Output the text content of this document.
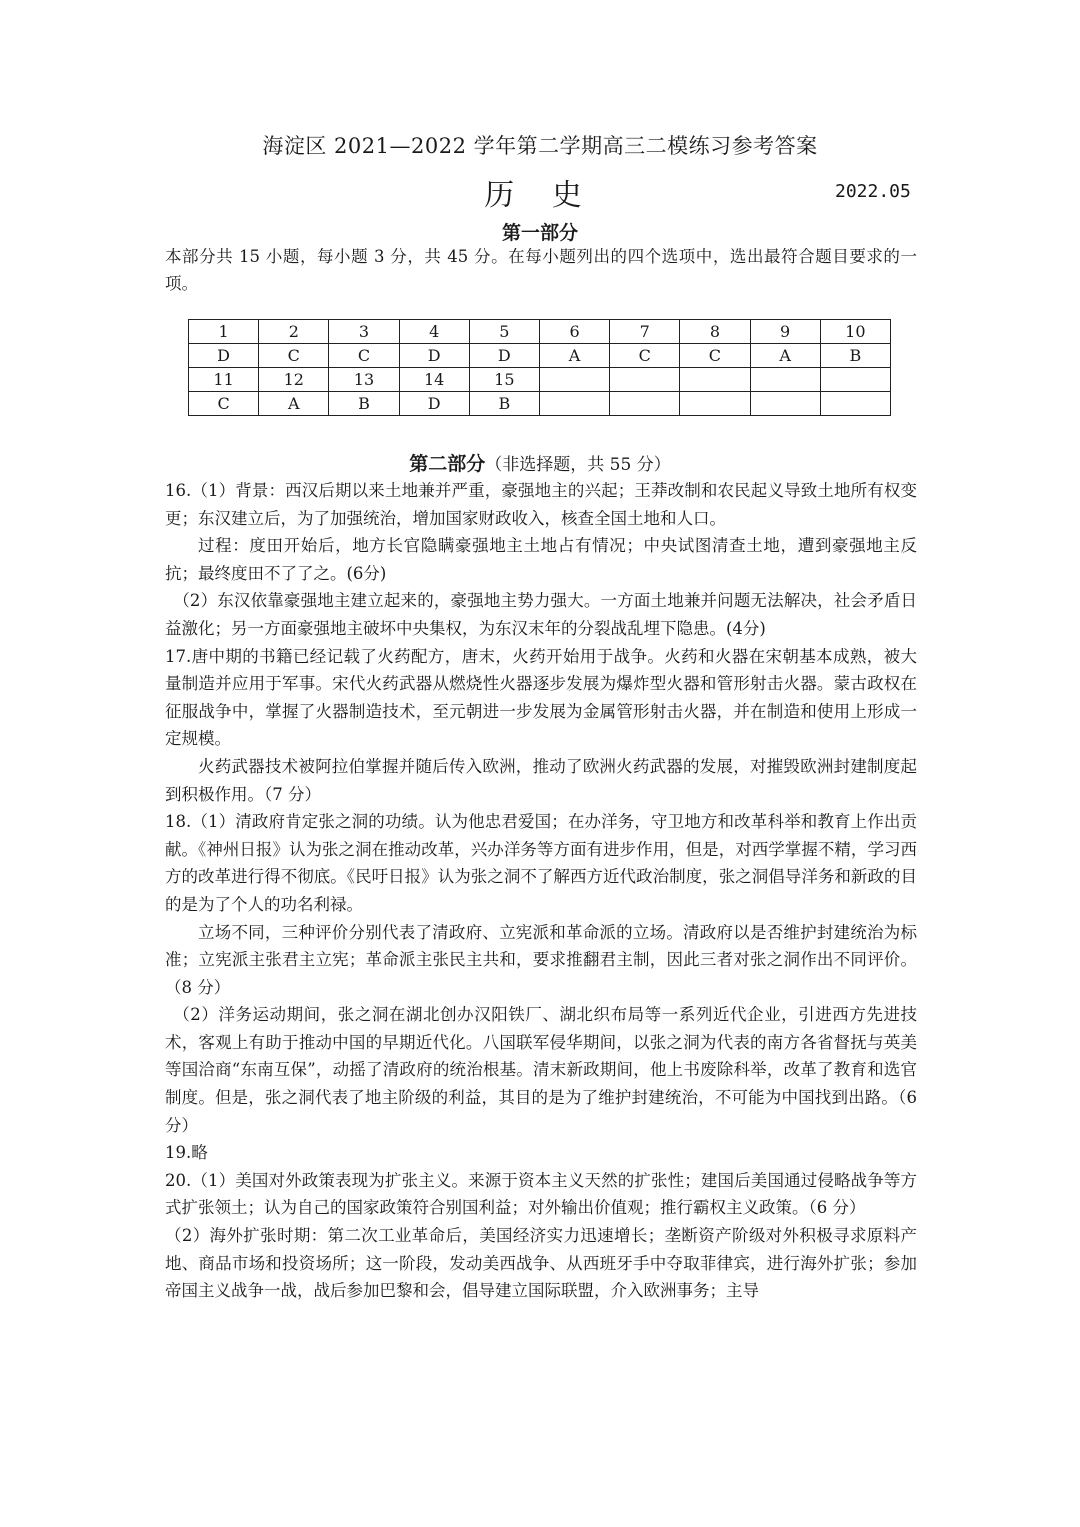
海淀区 2021—2022 学年第二学期高三二模练习参考答案
历 史	2022.05
第一部分
本部分共 15 小题，每小题 3 分，共 45 分。在每小题列出的四个选项中，选出最符合题目要求的一项。
1	2	3	4	5	6	7	8	9	10
D	C	C	D	D	A	C	C	A	B
11	12	13	14	15					
C	A	B	D	B					
第二部分（非选择题，共 55 分）

16.（1）背景：西汉后期以来土地兼并严重，豪强地主的兴起；王莽改制和农民起义导致土地所有权变更；东汉建立后，为了加强统治，增加国家财政收入，核查全国土地和人口。

过程：度田开始后，地方长官隐瞒豪强地主土地占有情况；中央试图清查土地，遭到豪强地主反抗；最终度田不了了之。(6分)

（2）东汉依靠豪强地主建立起来的，豪强地主势力强大。一方面土地兼并问题无法解决，社会矛盾日益激化；另一方面豪强地主破坏中央集权，为东汉末年的分裂战乱埋下隐患。(4分)

17.唐中期的书籍已经记载了火药配方，唐末，火药开始用于战争。火药和火器在宋朝基本成熟，被大量制造并应用于军事。宋代火药武器从燃烧性火器逐步发展为爆炸型火器和管形射击火器。蒙古政权在征服战争中，掌握了火器制造技术，至元朝进一步发展为金属管形射击火器，并在制造和使用上形成一定规模。

火药武器技术被阿拉伯掌握并随后传入欧洲，推动了欧洲火药武器的发展，对摧毁欧洲封建制度起到积极作用。（7 分）

18.（1）清政府肯定张之洞的功绩。认为他忠君爱国；在办洋务，守卫地方和改革科举和教育上作出贡献。《神州日报》认为张之洞在推动改革，兴办洋务等方面有进步作用，但是，对西学掌握不精，学习西方的改革进行得不彻底。《民吁日报》认为张之洞不了解西方近代政治制度，张之洞倡导洋务和新政的目的是为了个人的功名利禄。

立场不同，三种评价分别代表了清政府、立宪派和革命派的立场。清政府以是否维护封建统治为标准；立宪派主张君主立宪；革命派主张民主共和，要求推翻君主制，因此三者对张之洞作出不同评价。（8 分）

（2）洋务运动期间，张之洞在湖北创办汉阳铁厂、湖北织布局等一系列近代企业，引进西方先进技术，客观上有助于推动中国的早期近代化。八国联军侵华期间，以张之洞为代表的南方各省督抚与英美等国洽商“东南互保”，动摇了清政府的统治根基。清末新政期间，他上书废除科举，改革了教育和选官制度。但是，张之洞代表了地主阶级的利益，其目的是为了维护封建统治，不可能为中国找到出路。（6 分）

19.略

20.（1）美国对外政策表现为扩张主义。来源于资本主义天然的扩张性；建国后美国通过侵略战争等方式扩张领土；认为自己的国家政策符合别国利益；对外输出价值观；推行霸权主义政策。（6 分）

（2）海外扩张时期：第二次工业革命后，美国经济实力迅速增长；垄断资产阶级对外积极寻求原料产地、商品市场和投资场所；这一阶段，发动美西战争、从西班牙手中夺取菲律宾，进行海外扩张；参加帝国主义战争一战，战后参加巴黎和会，倡导建立国际联盟，介入欧洲事务；主导
